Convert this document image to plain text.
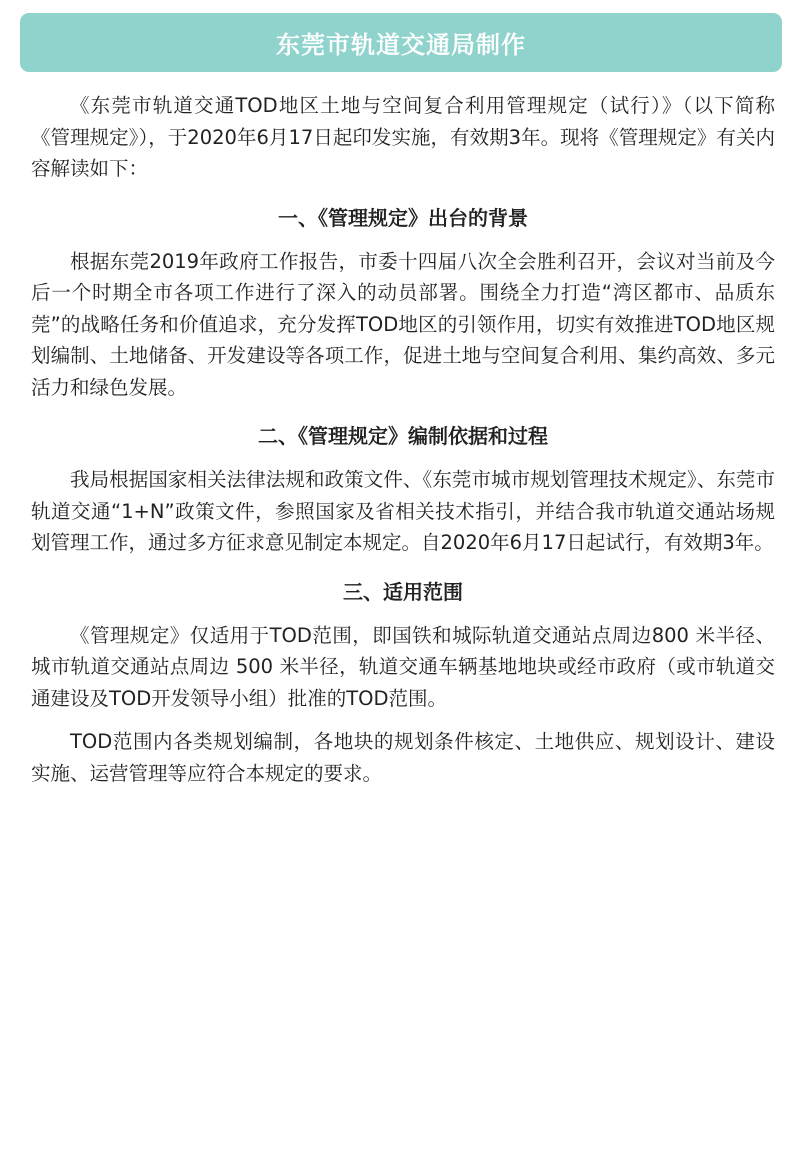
东莞市轨道交通局制作

《东莞市轨道交通TOD地区土地与空间复合利用管理规定（试行）》（以下简称《管理规定》），于2020年6月17日起印发实施，有效期3年。现将《管理规定》有关内容解读如下：

一、《管理规定》出台的背景

根据东莞2019年政府工作报告，市委十四届八次全会胜利召开，会议对当前及今后一个时期全市各项工作进行了深入的动员部署。围绕全力打造“湾区都市、品质东莞”的战略任务和价值追求，充分发挥TOD地区的引领作用，切实有效推进TOD地区规划编制、土地储备、开发建设等各项工作，促进土地与空间复合利用、集约高效、多元活力和绿色发展。

二、《管理规定》编制依据和过程

我局根据国家相关法律法规和政策文件、《东莞市城市规划管理技术规定》、东莞市轨道交通“1+N”政策文件，参照国家及省相关技术指引，并结合我市轨道交通站场规划管理工作，通过多方征求意见制定本规定。自2020年6月17日起试行，有效期3年。

三、适用范围

《管理规定》仅适用于TOD范围，即国铁和城际轨道交通站点周边800 米半径、城市轨道交通站点周边 500 米半径，轨道交通车辆基地地块或经市政府（或市轨道交通建设及TOD开发领导小组）批准的TOD范围。

TOD范围内各类规划编制，各地块的规划条件核定、土地供应、规划设计、建设实施、运营管理等应符合本规定的要求。
